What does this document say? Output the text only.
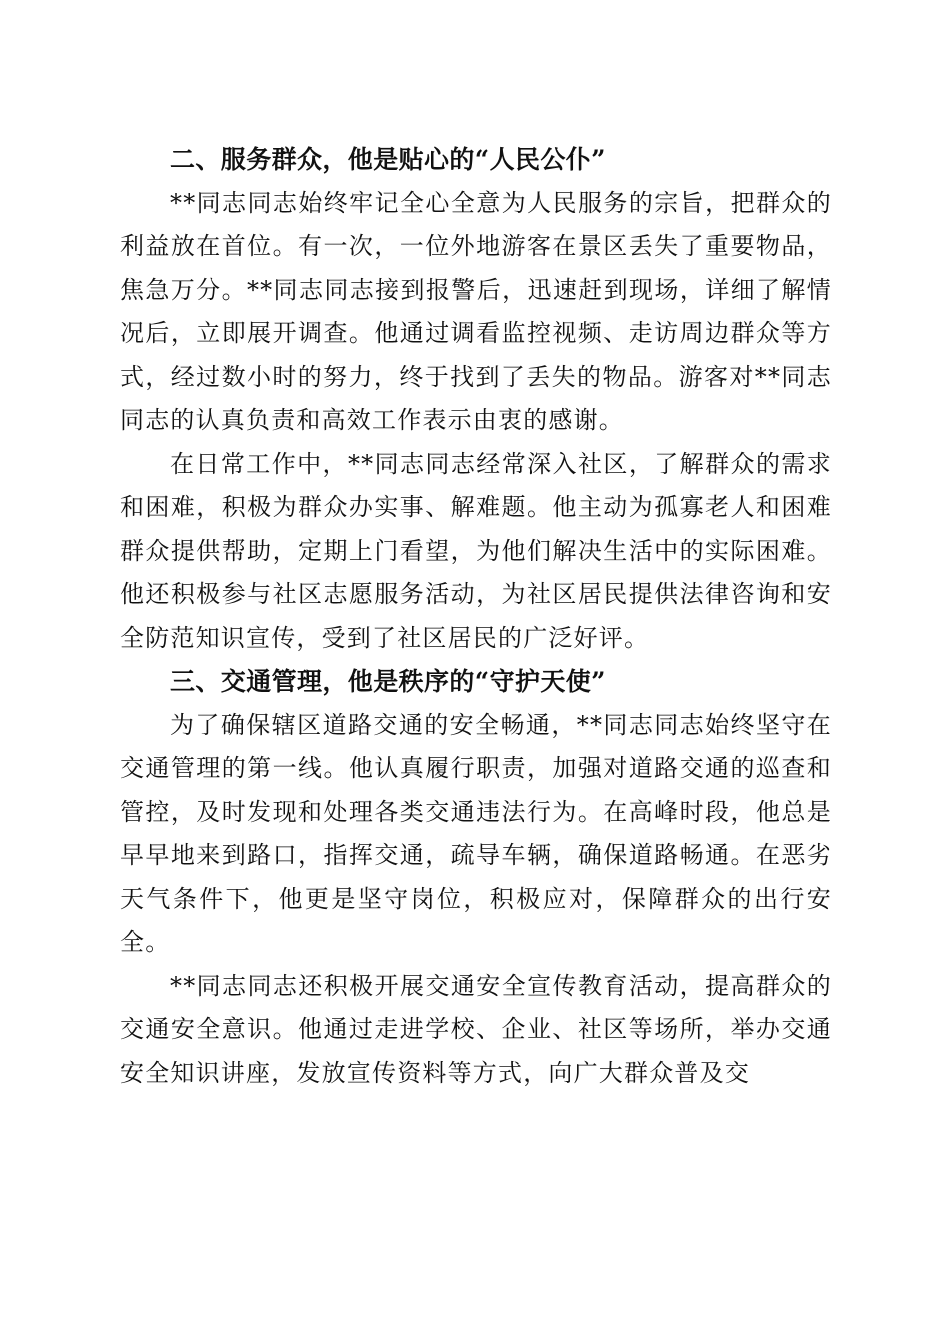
二、服务群众，他是贴心的“人民公仆”

**同志同志始终牢记全心全意为人民服务的宗旨，把群众的利益放在首位。有一次，一位外地游客在景区丢失了重要物品，焦急万分。**同志同志接到报警后，迅速赶到现场，详细了解情况后，立即展开调查。他通过调看监控视频、走访周边群众等方式，经过数小时的努力，终于找到了丢失的物品。游客对**同志同志的认真负责和高效工作表示由衷的感谢。

在日常工作中，**同志同志经常深入社区，了解群众的需求和困难，积极为群众办实事、解难题。他主动为孤寡老人和困难群众提供帮助，定期上门看望，为他们解决生活中的实际困难。他还积极参与社区志愿服务活动，为社区居民提供法律咨询和安全防范知识宣传，受到了社区居民的广泛好评。

三、交通管理，他是秩序的“守护天使”

为了确保辖区道路交通的安全畅通，**同志同志始终坚守在交通管理的第一线。他认真履行职责，加强对道路交通的巡查和管控，及时发现和处理各类交通违法行为。在高峰时段，他总是早早地来到路口，指挥交通，疏导车辆，确保道路畅通。在恶劣天气条件下，他更是坚守岗位，积极应对，保障群众的出行安全。

**同志同志还积极开展交通安全宣传教育活动，提高群众的交通安全意识。他通过走进学校、企业、社区等场所，举办交通安全知识讲座，发放宣传资料等方式，向广大群众普及交
